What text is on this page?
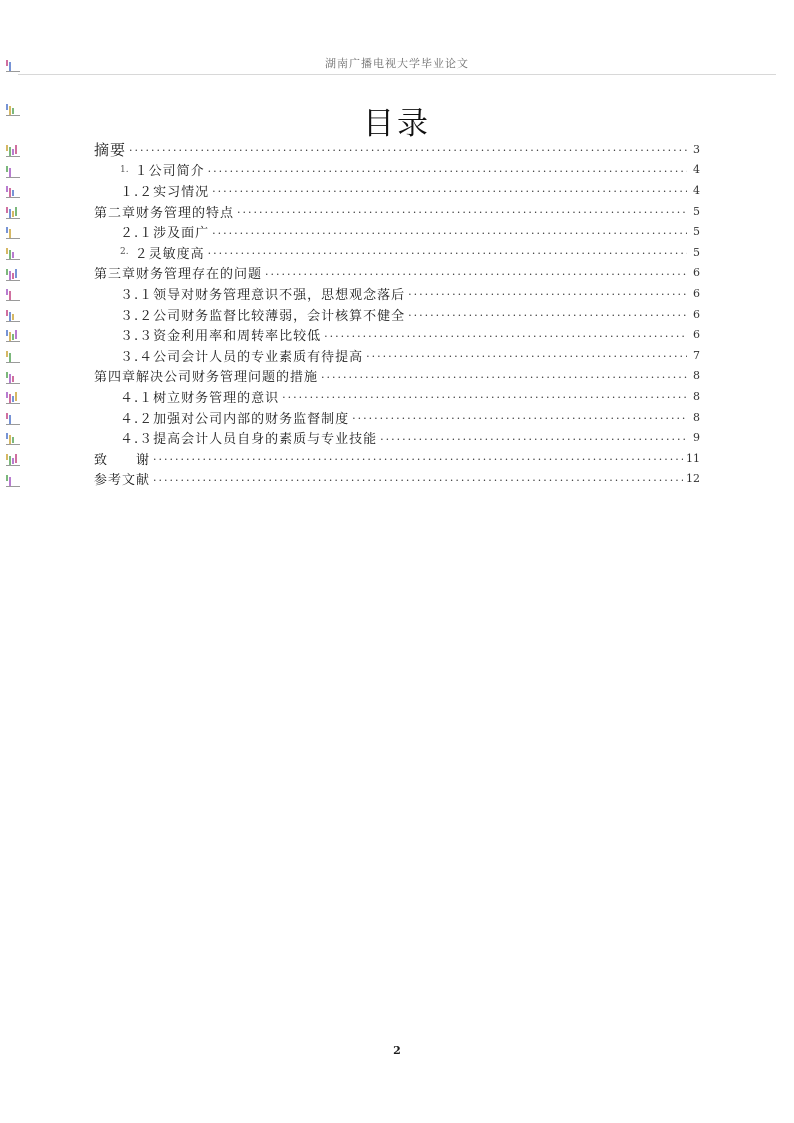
湖南广播电视大学毕业论文
目录
摘要 ·····	3
1. １公司简介 ·····	4
１.２实习情况 ·····	4
第二章财务管理的特点 ·····	5
２.１涉及面广 ·····	5
2. ２灵敏度高 ·····	5
第三章财务管理存在的问题 ·····	6
３.１领导对财务管理意识不强，思想观念落后 ·····	6
３.２公司财务监督比较薄弱，会计核算不健全 ·····	6
３.３资金利用率和周转率比较低 ·····	6
３.４公司会计人员的专业素质有待提高 ·····	7
第四章解决公司财务管理问题的措施 ·····	8
４.１树立财务管理的意识 ·····	8
４.２加强对公司内部的财务监督制度 ·····	8
４.３提高会计人员自身的素质与专业技能 ·····	9
致　　谢 ·····	11
参考文献 ·····	12
2
